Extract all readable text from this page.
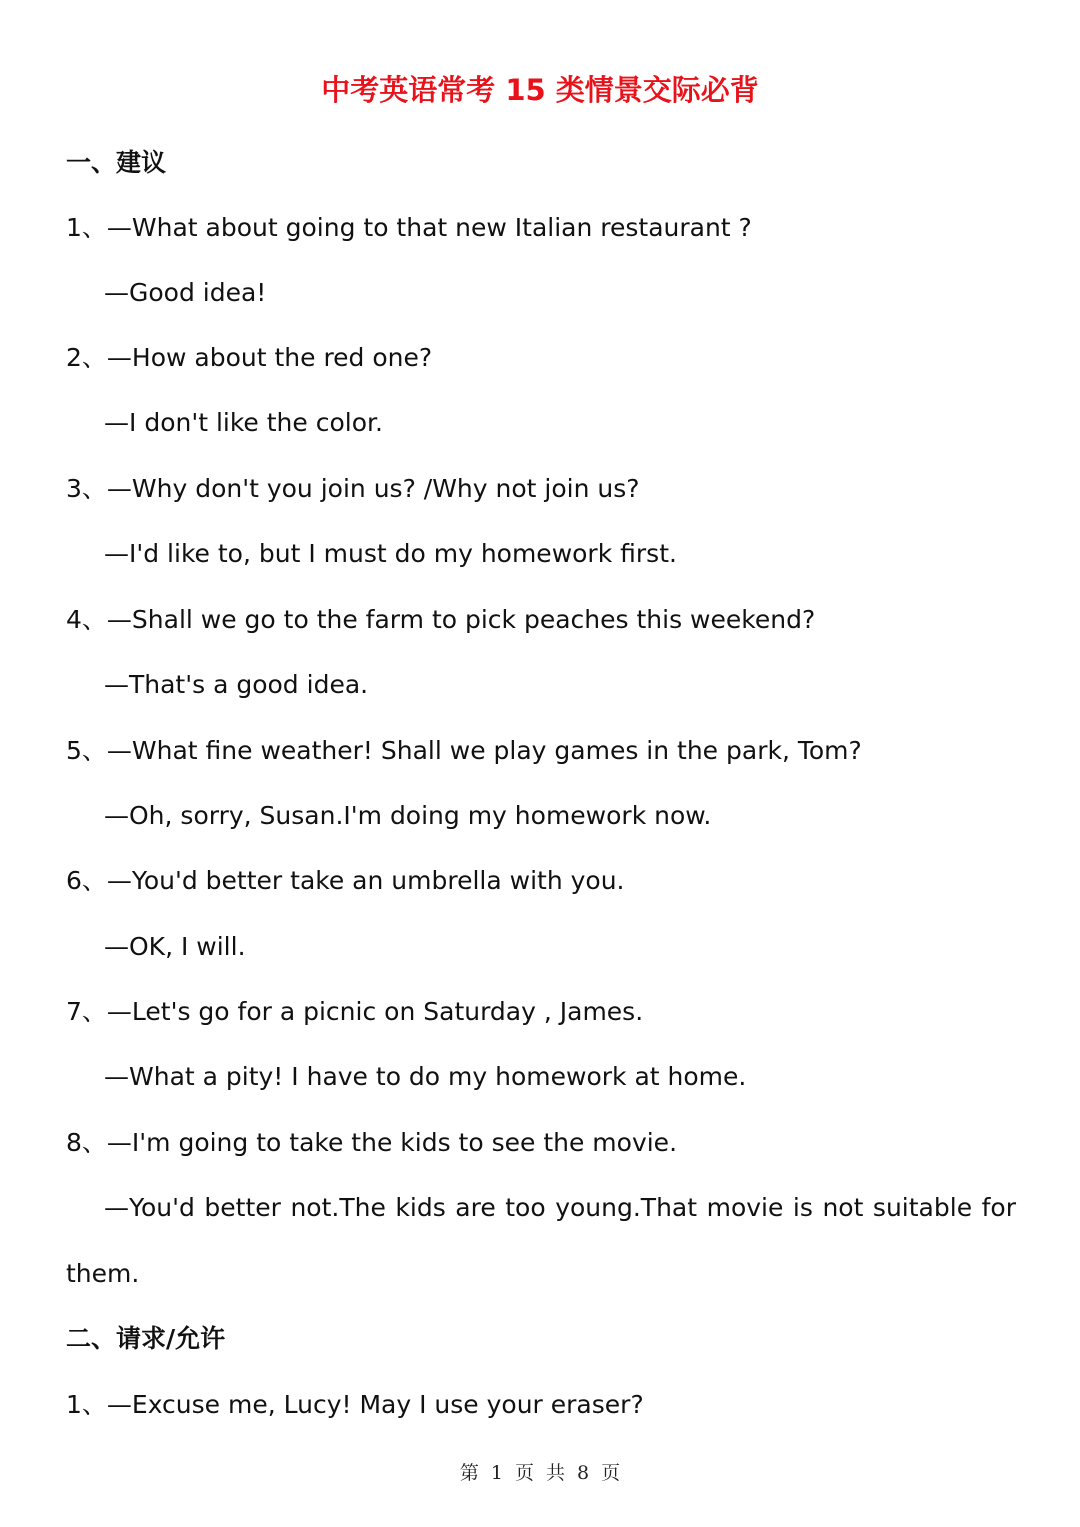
中考英语常考 15 类情景交际必背
一、建议
1、—What about going to that new Italian restaurant ?
—Good idea!
2、—How about the red one?
—I don't like the color.
3、—Why don't you join us? /Why not join us?
—I'd like to, but I must do my homework first.
4、—Shall we go to the farm to pick peaches this weekend?
—That's a good idea.
5、—What fine weather! Shall we play games in the park, Tom?
—Oh, sorry, Susan.I'm doing my homework now.
6、—You'd better take an umbrella with you.
—OK, I will.
7、—Let's go for a picnic on Saturday , James.
—What a pity! I have to do my homework at home.
8、—I'm going to take the kids to see the movie.
—You'd better not.The kids are too young.That movie is not suitable for
them.
二、请求/允许
1、—Excuse me, Lucy! May I use your eraser?
第 1 页 共 8 页
